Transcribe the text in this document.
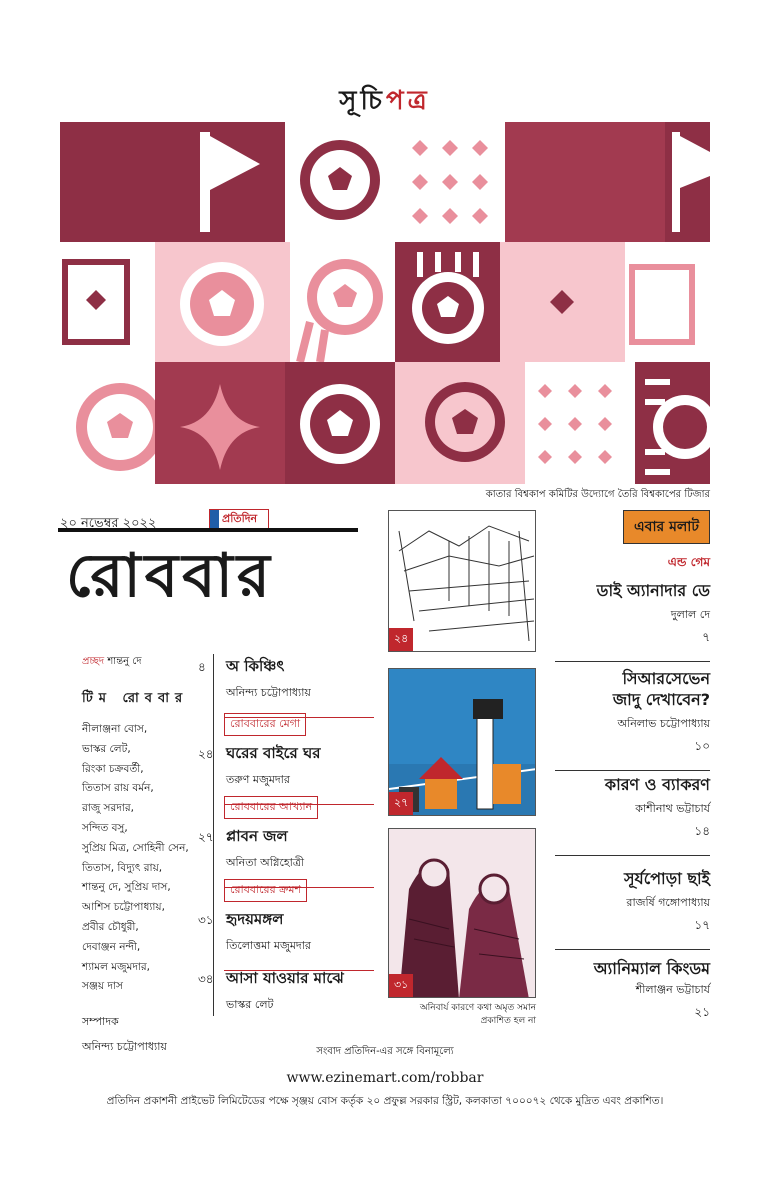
সূচিপত্র
কাতার বিশ্বকাপ কমিটির উদ্যোগে তৈরি বিশ্বকাপের টিজার
২০ নভেম্বর ২০২২	প্রতিদিন
রোববার
প্রচ্ছদ শান্তনু দে
টিম রোববার
নীলাঞ্জনা বোস,
ভাস্কর লেট,
রিংকা চক্রবর্তী,
তিতাস রায় বর্মন,
রাজু সরদার,
সন্দিত বসু,
সুপ্রিয় মিত্র, সোহিনী সেন,
তিতাস, বিদ্যুৎ রায়,
শান্তনু দে, সুপ্রিয় দাস,
আশিস চট্টোপাধ্যায়,
প্রবীর চৌধুরী,
দেবাঞ্জন নন্দী,
শ্যামল মজুমদার,
সঞ্জয় দাস
সম্পাদক
অনিন্দ্য চট্টোপাধ্যায়
৪	অ কিঞ্চিৎ
অনিন্দ্য চট্টোপাধ্যায়
রোববারের মেগা
২৪ ঘরের বাইরে ঘর
তরুণ মজুমদার
রোববারের আখ্যান
২৭ প্লাবন জল
অনিতা অগ্নিহোত্রী
রোববারের ক্রমশ
৩১ হৃদয়মঙ্গল
তিলোত্তমা মজুমদার
৩৪ আসা যাওয়ার মাঝে
ভাস্কর লেট
২৪
২৭
৩১
অনিবার্য কারণে কথা অমৃত সমান
প্রকাশিত হল না
এবার মলাট
এন্ড গেম
ডাই অ্যানাদার ডে
দুলাল দে
৭
সিআরসেভেন
জাদু দেখাবেন?
অনিলাভ চট্টোপাধ্যায়
১০
কারণ ও ব্যাকরণ
কাশীনাথ ভট্টাচার্য
১৪
সূর্যপোড়া ছাই
রাজর্ষি গঙ্গোপাধ্যায়
১৭
অ্যানিম্যাল কিংডম
শীলাঞ্জন ভট্টাচার্য
২১
সংবাদ প্রতিদিন-এর সঙ্গে বিনামূল্যে
www.ezinemart.com/robbar
প্রতিদিন প্রকাশনী প্রাইভেট লিমিটেডের পক্ষে সৃঞ্জয় বোস কর্তৃক ২০ প্রফুল্ল সরকার স্ট্রিট, কলকাতা ৭০০০৭২ থেকে মুদ্রিত এবং প্রকাশিত।
